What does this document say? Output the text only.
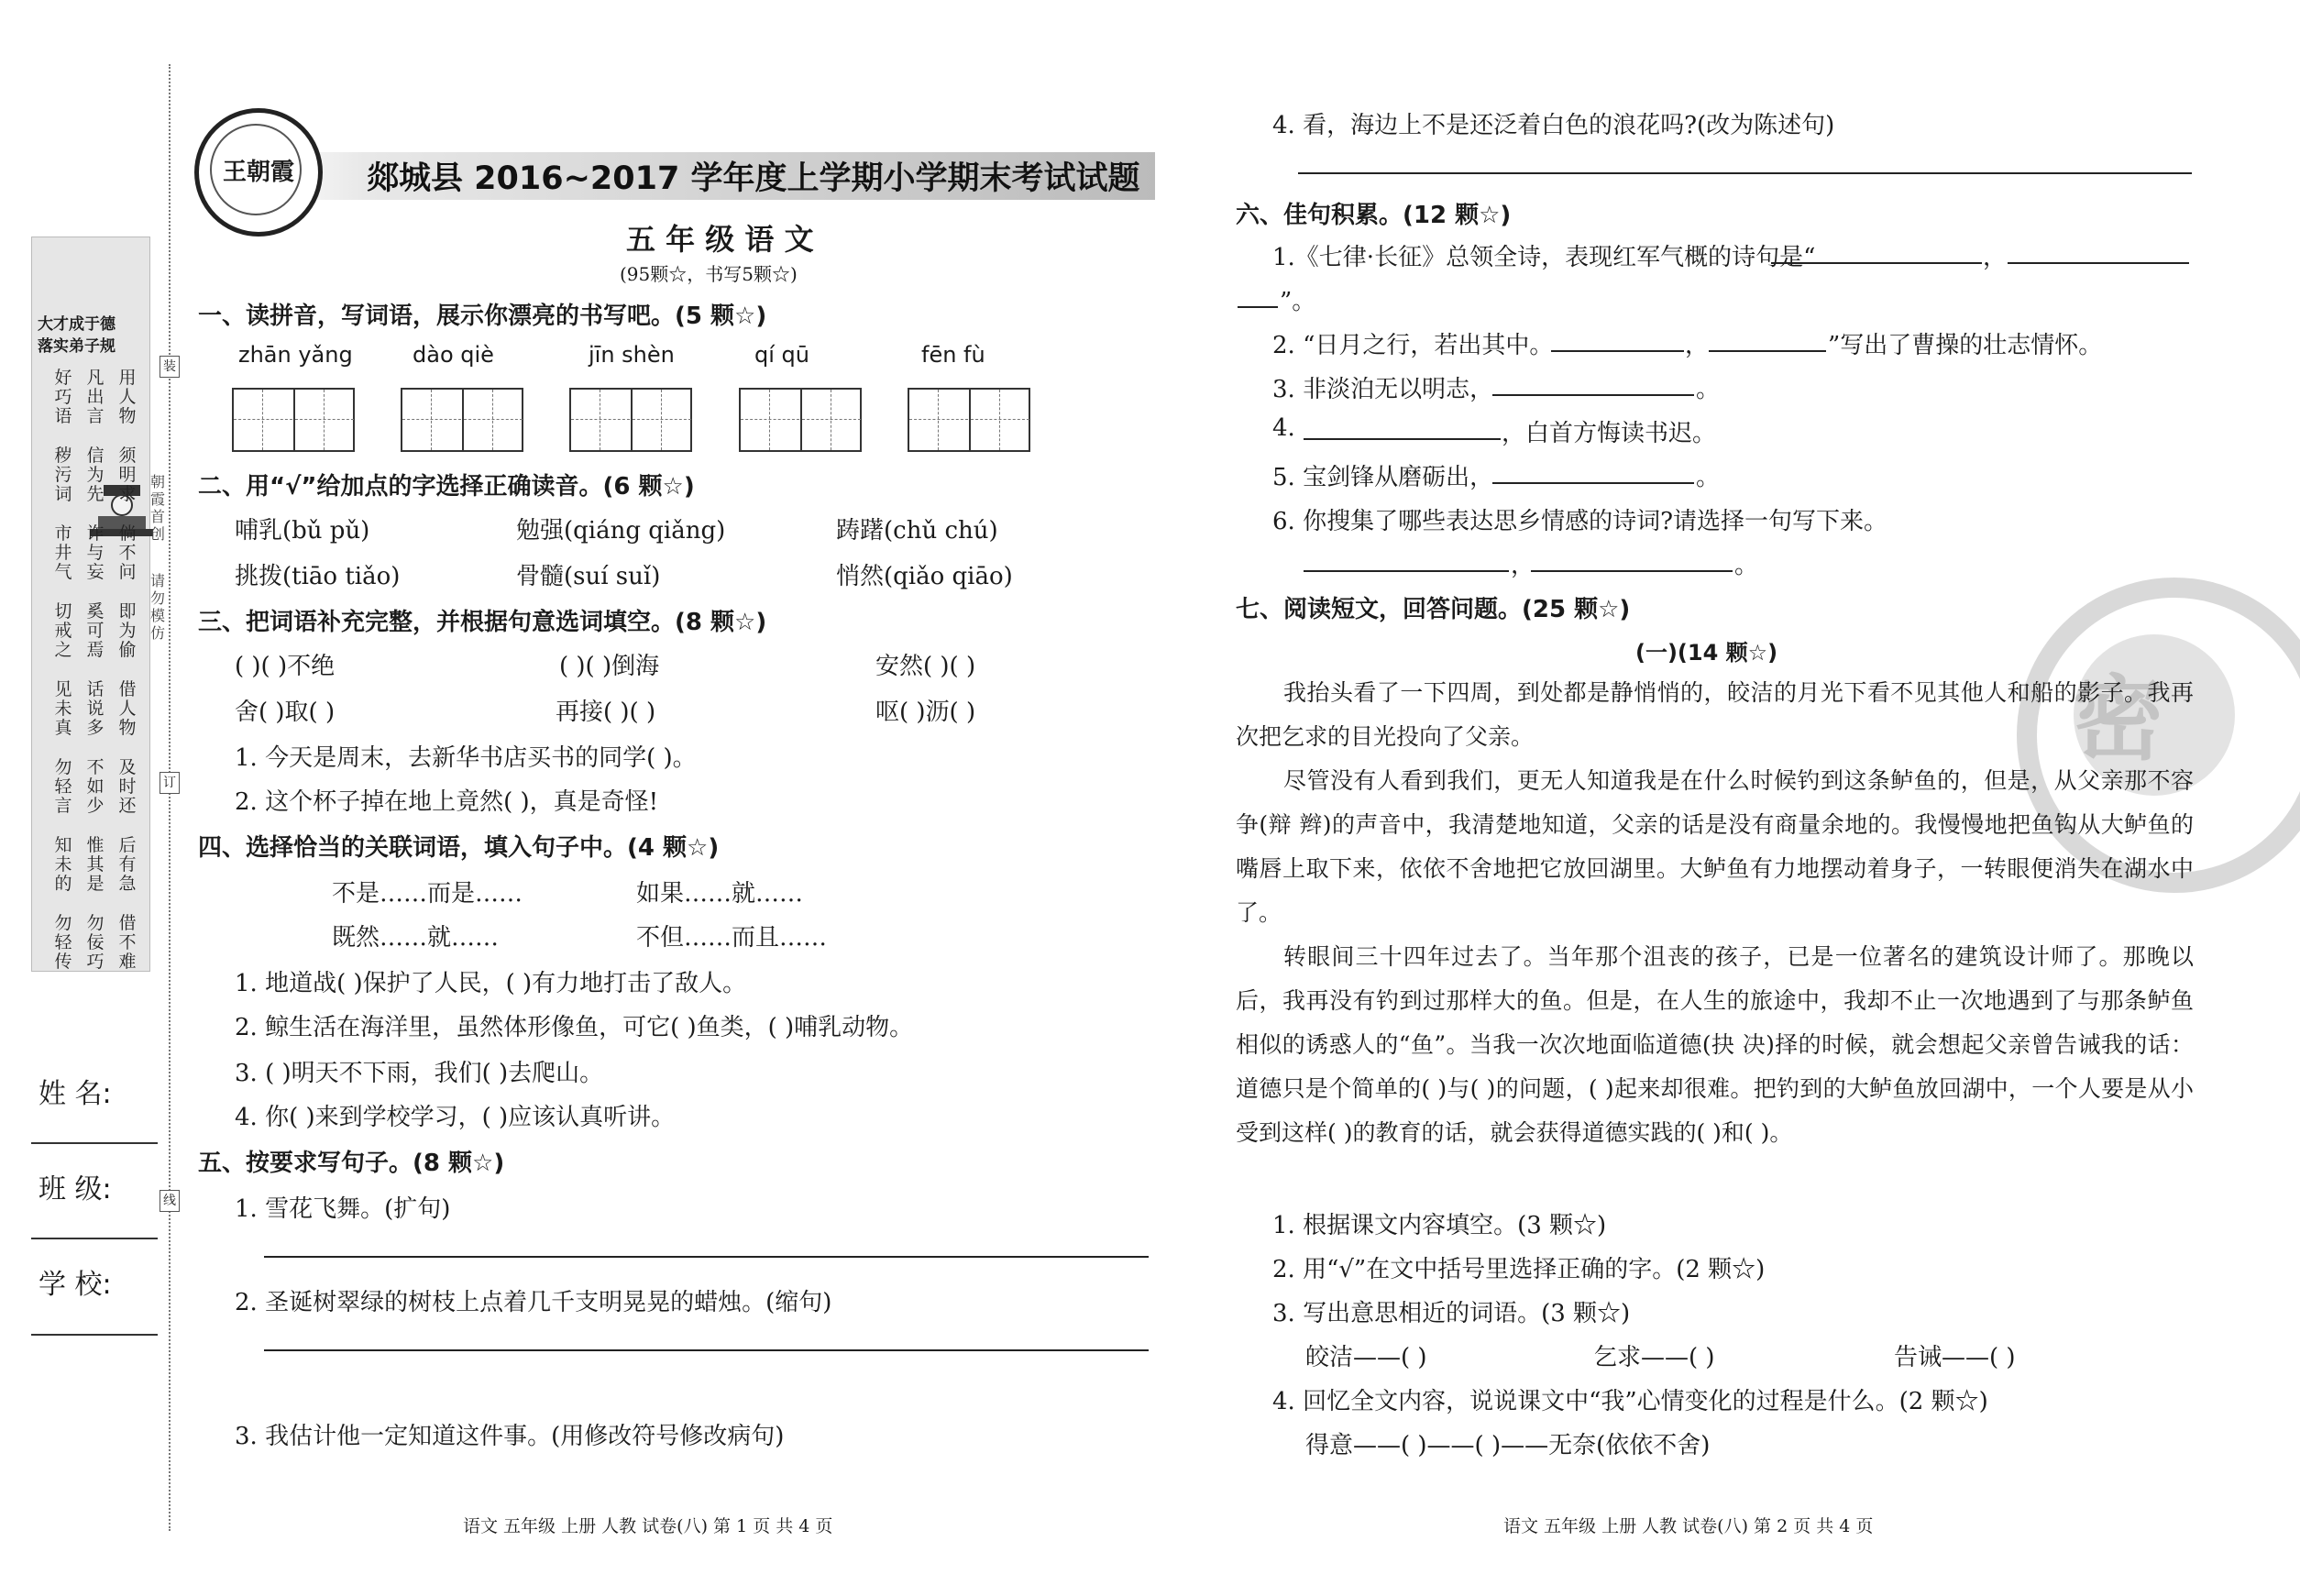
大才成于德
落实弟子规
好巧语
凡出言
用人物
秽污词
信为先
须明求
市井气
诈与妄
倘不问
切戒之
奚可焉
即为偷
见未真
话说多
借人物
勿轻言
不如少
及时还
知未的
惟其是
后有急
勿轻传
勿佞巧
借不难
姓 名:
班 级:
学 校:
装
订
线
朝霞首创
请勿模仿
王朝霞	郯城县 2016~2017 学年度上学期小学期末考试试题
五 年 级 语 文
(95颗☆，书写5颗☆)
一、读拼音，写词语，展示你漂亮的书写吧。(5 颗☆)
zhān yǎng	dào qiè	jīn shèn	qí qū	fēn fù
二、用“√”给加点的字选择正确读音。(6 颗☆)
哺乳(bǔ pǔ)	勉强(qiáng qiǎng)	踌躇(chǔ chú)
挑拨(tiāo tiǎo)	骨髓(suí suǐ)	悄然(qiǎo qiāo)
三、把词语补充完整，并根据句意选词填空。(8 颗☆)
( )( )不绝	( )( )倒海	安然( )( )
舍( )取( )	再接( )( )	呕( )沥( )
1. 今天是周末，去新华书店买书的同学( )。
2. 这个杯子掉在地上竟然( )，真是奇怪!
四、选择恰当的关联词语，填入句子中。(4 颗☆)
不是……而是……	如果……就……
既然……就……	不但……而且……
1. 地道战( )保护了人民，( )有力地打击了敌人。
2. 鲸生活在海洋里，虽然体形像鱼，可它( )鱼类，( )哺乳动物。
3. ( )明天不下雨，我们( )去爬山。
4. 你( )来到学校学习，( )应该认真听讲。
五、按要求写句子。(8 颗☆)
1. 雪花飞舞。(扩句)
2. 圣诞树翠绿的树枝上点着几千支明晃晃的蜡烛。(缩句)
3. 我估计他一定知道这件事。(用修改符号修改病句)
语文 五年级 上册 人教 试卷(八) 第 1 页 共 4 页
4. 看，海边上不是还泛着白色的浪花吗?(改为陈述句)
六、佳句积累。(12 颗☆)
1.《七律·长征》总领全诗，表现红军气概的诗句是“	，
”。
2. “日月之行，若出其中。	，	”写出了曹操的壮志情怀。
3. 非淡泊无以明志，	。
4.	，白首方悔读书迟。
5. 宝剑锋从磨砺出，	。
6. 你搜集了哪些表达思乡情感的诗词?请选择一句写下来。
，	。
七、阅读短文，回答问题。(25 颗☆)
(一)(14 颗☆)
密
我抬头看了一下四周，到处都是静悄悄的，皎洁的月光下看不见其他人和船的影子。我再次把乞求的目光投向了父亲。
尽管没有人看到我们，更无人知道我是在什么时候钓到这条鲈鱼的，但是，从父亲那不容争(辩 辫)的声音中，我清楚地知道，父亲的话是没有商量余地的。我慢慢地把鱼钩从大鲈鱼的嘴唇上取下来，依依不舍地把它放回湖里。大鲈鱼有力地摆动着身子，一转眼便消失在湖水中了。
转眼间三十四年过去了。当年那个沮丧的孩子，已是一位著名的建筑设计师了。那晚以后，我再没有钓到过那样大的鱼。但是，在人生的旅途中，我却不止一次地遇到了与那条鲈鱼相似的诱惑人的“鱼”。当我一次次地面临道德(抉 决)择的时候，就会想起父亲曾告诫我的话：道德只是个简单的( )与( )的问题，( )起来却很难。把钓到的大鲈鱼放回湖中，一个人要是从小受到这样( )的教育的话，就会获得道德实践的( )和( )。
1. 根据课文内容填空。(3 颗☆)
2. 用“√”在文中括号里选择正确的字。(2 颗☆)
3. 写出意思相近的词语。(3 颗☆)
皎洁——( )	乞求——( )	告诫——( )
4. 回忆全文内容，说说课文中“我”心情变化的过程是什么。(2 颗☆)
得意——( )——( )——无奈(依依不舍)
语文 五年级 上册 人教 试卷(八) 第 2 页 共 4 页
